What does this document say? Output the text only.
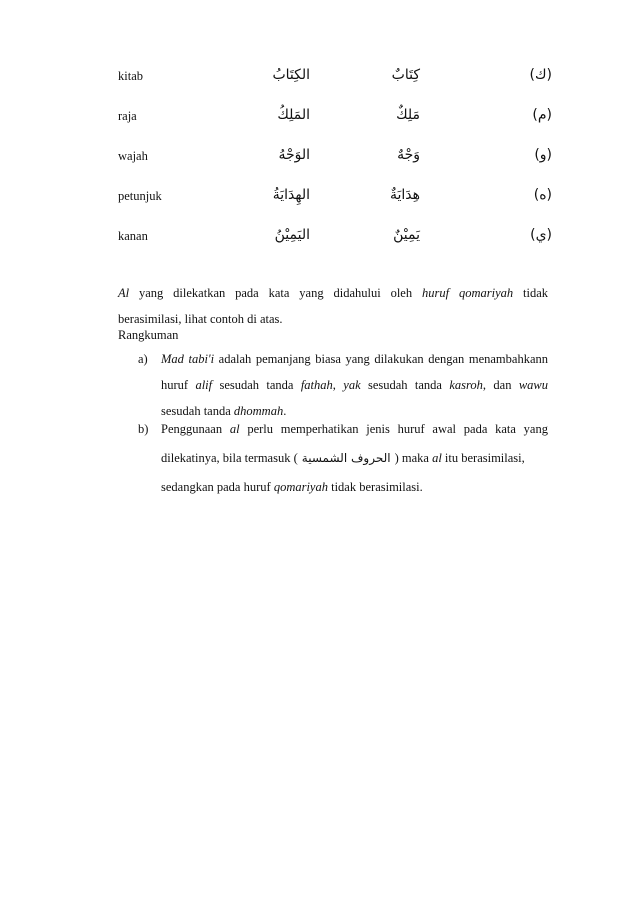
kitab	الكِتَابُ	كِتَابٌ	(ك)
raja	المَلِكُ	مَلِكٌ	(م)
wajah	الوَجْهُ	وَجْهٌ	(و)
petunjuk	الهِدَايَةُ	هِدَايَةٌ	(ه)
kanan	اليَمِيْنُ	يَمِيْنٌ	(ي)
Al yang dilekatkan pada kata yang didahului oleh huruf qomariyah tidak
berasimilasi, lihat contoh di atas.
Rangkuman
a)	Mad tabi'i adalah pemanjang biasa yang dilakukan dengan menambahkann
huruf alif sesudah tanda fathah, yak sesudah tanda kasroh, dan wawu
sesudah tanda dhommah.
b)	Penggunaan al perlu memperhatikan jenis huruf awal pada kata yang
dilekatinya, bila termasuk ( الحروف الشمسية ) maka al itu berasimilasi,
sedangkan pada huruf qomariyah tidak berasimilasi.
